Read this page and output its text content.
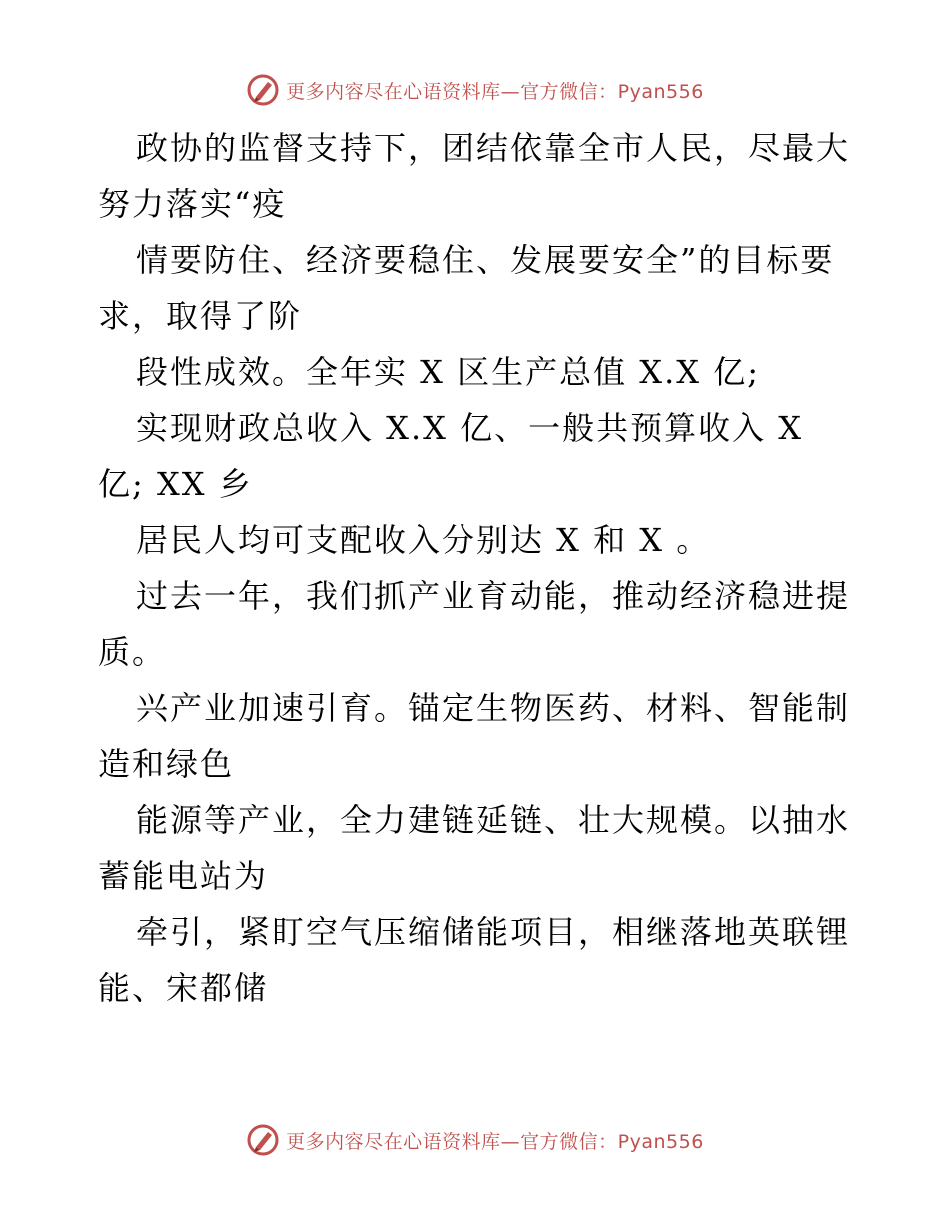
更多内容尽在心语资料库—官方微信：Pyan556
政协的监督支持下，团结依靠全市人民，尽最大
努力落实“疫
情要防住、经济要稳住、发展要安全”的目标要
求，取得了阶
段性成效。全年实 X 区生产总值 X.X 亿;
实现财政总收入 X.X 亿、一般共预算收入 X
亿; XX 乡
居民人均可支配收入分别达 X 和 X 。
过去一年，我们抓产业育动能，推动经济稳进提
质。
兴产业加速引育。锚定生物医药、材料、智能制
造和绿色
能源等产业，全力建链延链、壮大规模。以抽水
蓄能电站为
牵引，紧盯空气压缩储能项目，相继落地英联锂
能、宋都储
更多内容尽在心语资料库—官方微信：Pyan556
